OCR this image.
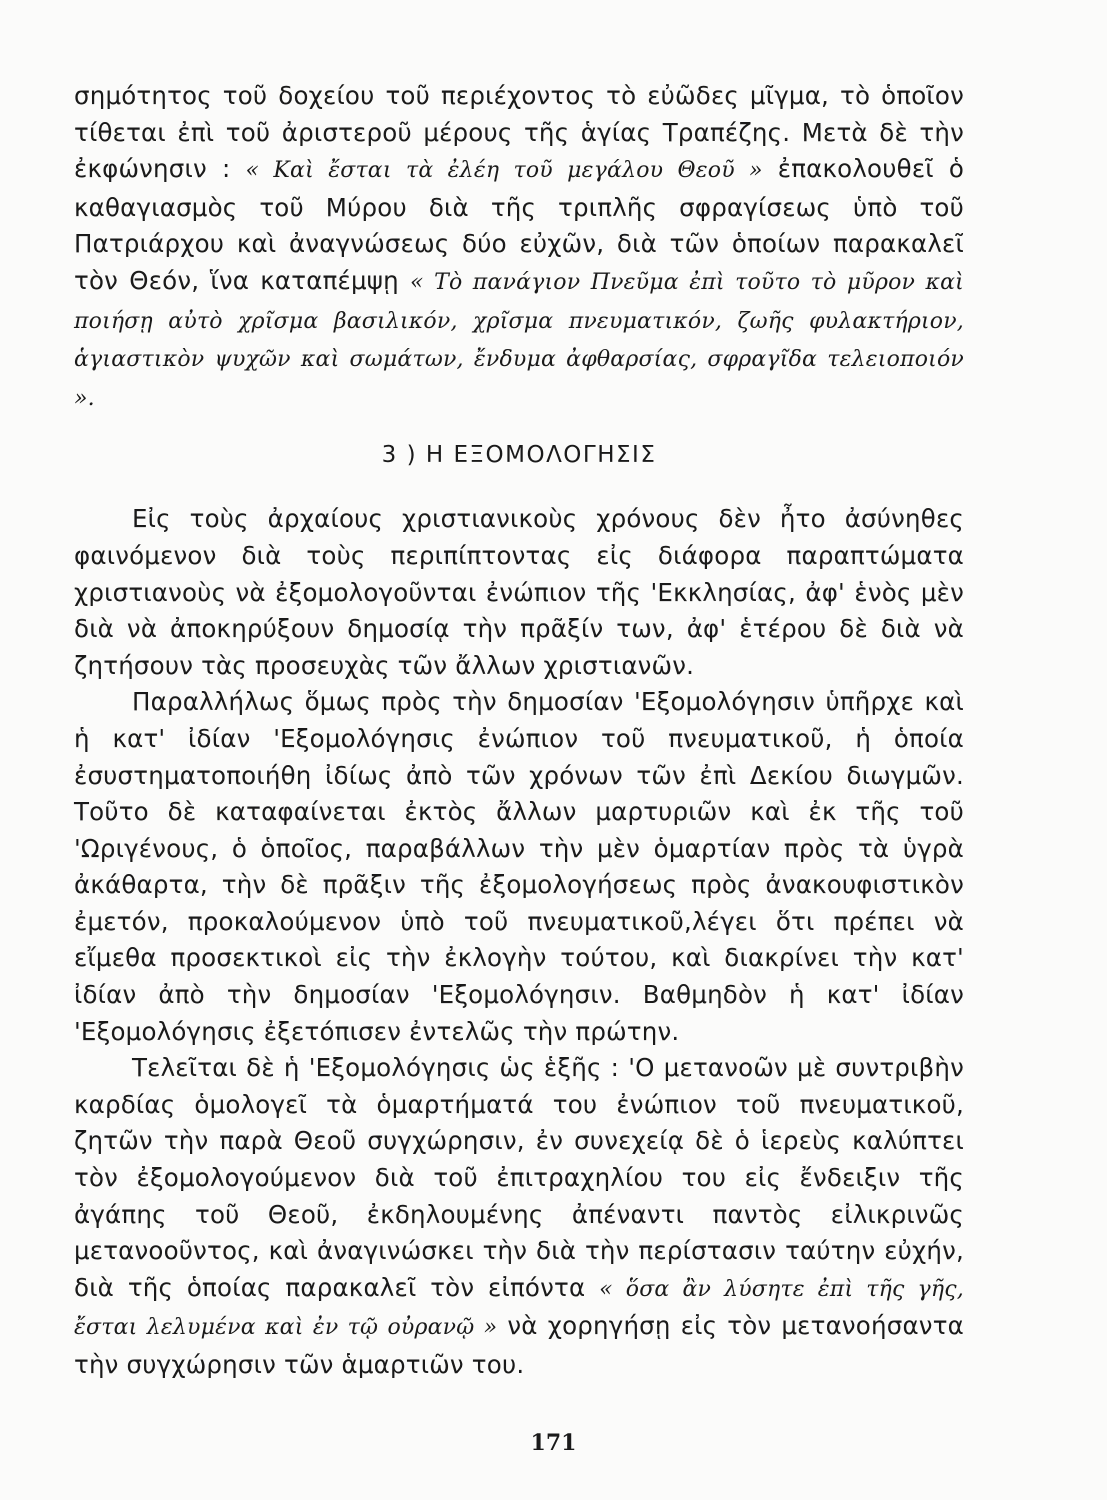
σημότητος τοῦ δοχείου τοῦ περιέχοντος τὸ εὐῶδες μῖγμα, τὸ ὁποῖον τίθεται ἐπὶ τοῦ ἀριστεροῦ μέρους τῆς ἁγίας Τραπέζης. Μετὰ δὲ τὴν ἐκφώνησιν : « Καὶ ἔσται τὰ ἐλέη τοῦ μεγάλου Θεοῦ » ἐπακολουθεῖ ὁ καθαγιασμὸς τοῦ Μύρου διὰ τῆς τριπλῆς σφραγίσεως ὑπὸ τοῦ Πατριάρχου καὶ ἀναγνώσεως δύο εὐχῶν, διὰ τῶν ὁποίων παρακαλεῖ τὸν Θεόν, ἵνα καταπέμψῃ « Τὸ πανάγιον Πνεῦμα ἐπὶ τοῦτο τὸ μῦρον καὶ ποιήσῃ αὐτὸ χρῖσμα βασιλικόν, χρῖσμα πνευματικόν, ζωῆς φυλακτήριον, ἁγιαστικὸν ψυχῶν καὶ σωμάτων, ἔνδυμα ἀφθαρσίας, σφραγῖδα τελειοποιόν ».

3 ) Η ΕΞΟΜΟΛΟΓΗΣΙΣ

Εἰς τοὺς ἀρχαίους χριστιανικοὺς χρόνους δὲν ἦτο ἀσύνηθες φαινόμενον διὰ τοὺς περιπίπτοντας εἰς διάφορα παραπτώματα χριστιανοὺς νὰ ἐξομολογοῦνται ἐνώπιον τῆς 'Εκκλησίας, ἀφ' ἑνὸς μὲν διὰ νὰ ἀποκηρύξουν δημοσίᾳ τὴν πρᾶξίν των, ἀφ' ἑτέρου δὲ διὰ νὰ ζητήσουν τὰς προσευχὰς τῶν ἄλλων χριστιανῶν.

Παραλλήλως ὅμως πρὸς τὴν δημοσίαν 'Εξομολόγησιν ὑπῆρχε καὶ ἡ κατ' ἰδίαν 'Εξομολόγησις ἐνώπιον τοῦ πνευματικοῦ, ἡ ὁποία ἐσυστηματοποιήθη ἰδίως ἀπὸ τῶν χρόνων τῶν ἐπὶ Δεκίου διωγμῶν. Τοῦτο δὲ καταφαίνεται ἐκτὸς ἄλλων μαρτυριῶν καὶ ἐκ τῆς τοῦ 'Ωριγένους, ὁ ὁποῖος, παραβάλλων τὴν μὲν ὁμαρτίαν πρὸς τὰ ὑγρὰ ἀκάθαρτα, τὴν δὲ πρᾶξιν τῆς ἐξομολογήσεως πρὸς ἀνακουφιστικὸν ἐμετόν, προκαλούμενον ὑπὸ τοῦ πνευματικοῦ,λέγει ὅτι πρέπει νὰ εἴμεθα προσεκτικοὶ εἰς τὴν ἐκλογὴν τούτου, καὶ διακρίνει τὴν κατ' ἰδίαν ἀπὸ τὴν δημοσίαν 'Εξομολόγησιν. Βαθμηδὸν ἡ κατ' ἰδίαν 'Εξομολόγησις ἐξετόπισεν ἐντελῶς τὴν πρώτην.

Τελεῖται δὲ ἡ 'Εξομολόγησις ὡς ἑξῆς : 'Ο μετανοῶν μὲ συντριβὴν καρδίας ὁμολογεῖ τὰ ὁμαρτήματά του ἐνώπιον τοῦ πνευματικοῦ, ζητῶν τὴν παρὰ Θεοῦ συγχώρησιν, ἐν συνεχείᾳ δὲ ὁ ἱερεὺς καλύπτει τὸν ἐξομολογούμενον διὰ τοῦ ἐπιτραχηλίου του εἰς ἔνδειξιν τῆς ἀγάπης τοῦ Θεοῦ, ἐκδηλουμένης ἀπέναντι παντὸς εἰλικρινῶς μετανοοῦντος, καὶ ἀναγινώσκει τὴν διὰ τὴν περίστασιν ταύτην εὐχήν, διὰ τῆς ὁποίας παρακαλεῖ τὸν εἰπόντα « ὅσα ἂν λύσητε ἐπὶ τῆς γῆς, ἔσται λελυμένα καὶ ἐν τῷ οὐρανῷ » νὰ χορηγήσῃ εἰς τὸν μετανοήσαντα τὴν συγχώρησιν τῶν ἁμαρτιῶν του.

171
